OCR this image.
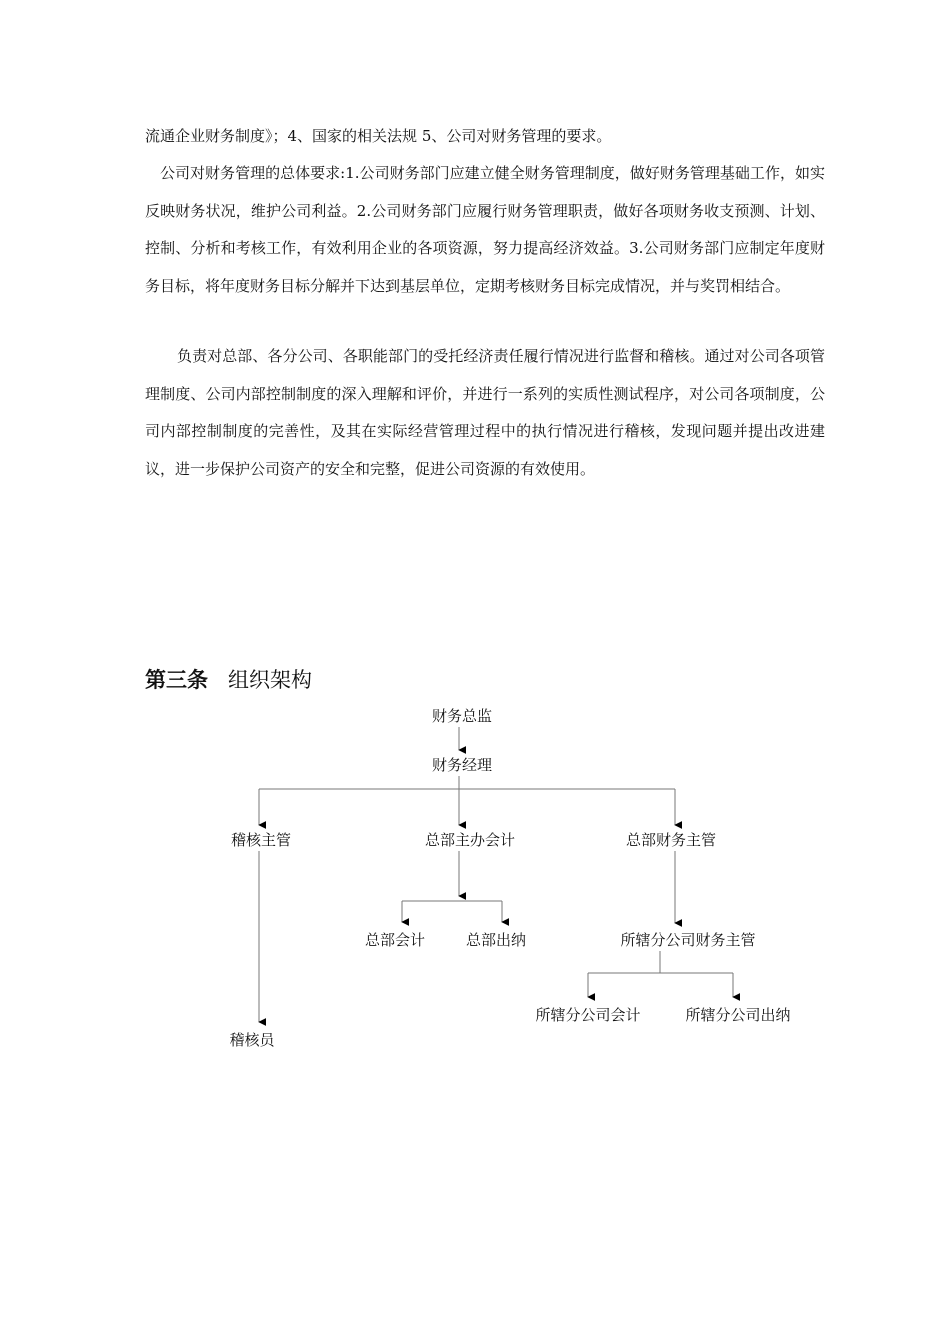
流通企业财务制度》；4、国家的相关法规 5、公司对财务管理的要求。

公司对财务管理的总体要求:1.公司财务部门应建立健全财务管理制度，做好财务管理基础工作，如实反映财务状况，维护公司利益。2.公司财务部门应履行财务管理职责，做好各项财务收支预测、计划、控制、分析和考核工作，有效利用企业的各项资源，努力提高经济效益。3.公司财务部门应制定年度财务目标，将年度财务目标分解并下达到基层单位，定期考核财务目标完成情况，并与奖罚相结合。

负责对总部、各分公司、各职能部门的受托经济责任履行情况进行监督和稽核。通过对公司各项管理制度、公司内部控制制度的深入理解和评价，并进行一系列的实质性测试程序，对公司各项制度，公司内部控制制度的完善性，及其在实际经营管理过程中的执行情况进行稽核，发现问题并提出改进建议，进一步保护公司资产的安全和完整，促进公司资源的有效使用。

第三条 组织架构
财务总监
财务经理
稽核主管	总部主办会计	总部财务主管
总部会计	总部出纳	所辖分公司财务主管
所辖分公司会计	所辖分公司出纳
稽核员
